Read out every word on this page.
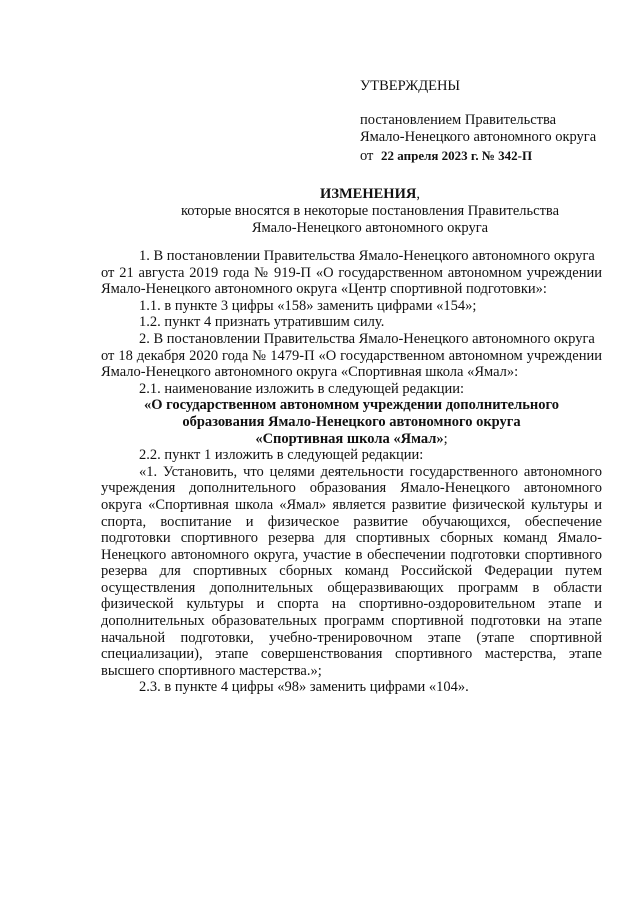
УТВЕРЖДЕНЫ
постановлением Правительства
Ямало-Ненецкого автономного округа
от 22 апреля 2023 г. № 342-П
ИЗМЕНЕНИЯ,
которые вносятся в некоторые постановления Правительства
Ямало-Ненецкого автономного округа

1. В постановлении Правительства Ямало-Ненецкого автономного округа

от 21 августа 2019 года № 919-П «О государственном автономном учреждении

Ямало-Ненецкого автономного округа «Центр спортивной подготовки»:

1.1. в пункте 3 цифры «158» заменить цифрами «154»;

1.2. пункт 4 признать утратившим силу.

2. В постановлении Правительства Ямало-Ненецкого автономного округа

от 18 декабря 2020 года № 1479-П «О государственном автономном учреждении

Ямало-Ненецкого автономного округа «Спортивная школа «Ямал»:

2.1. наименование изложить в следующей редакции:

«О государственном автономном учреждении дополнительного

образования Ямало-Ненецкого автономного округа

«Спортивная школа «Ямал»;

2.2. пункт 1 изложить в следующей редакции:

«1. Установить, что целями деятельности государственного автономного

учреждения дополнительного образования Ямало-Ненецкого автономного

округа «Спортивная школа «Ямал» является развитие физической культуры и

спорта, воспитание и физическое развитие обучающихся, обеспечение

подготовки спортивного резерва для спортивных сборных команд Ямало-

Ненецкого автономного округа, участие в обеспечении подготовки спортивного

резерва для спортивных сборных команд Российской Федерации путем

осуществления дополнительных общеразвивающих программ в области

физической культуры и спорта на спортивно-оздоровительном этапе и

дополнительных образовательных программ спортивной подготовки на этапе

начальной подготовки, учебно-тренировочном этапе (этапе спортивной

специализации), этапе совершенствования спортивного мастерства, этапе

высшего спортивного мастерства.»;

2.3. в пункте 4 цифры «98» заменить цифрами «104».
